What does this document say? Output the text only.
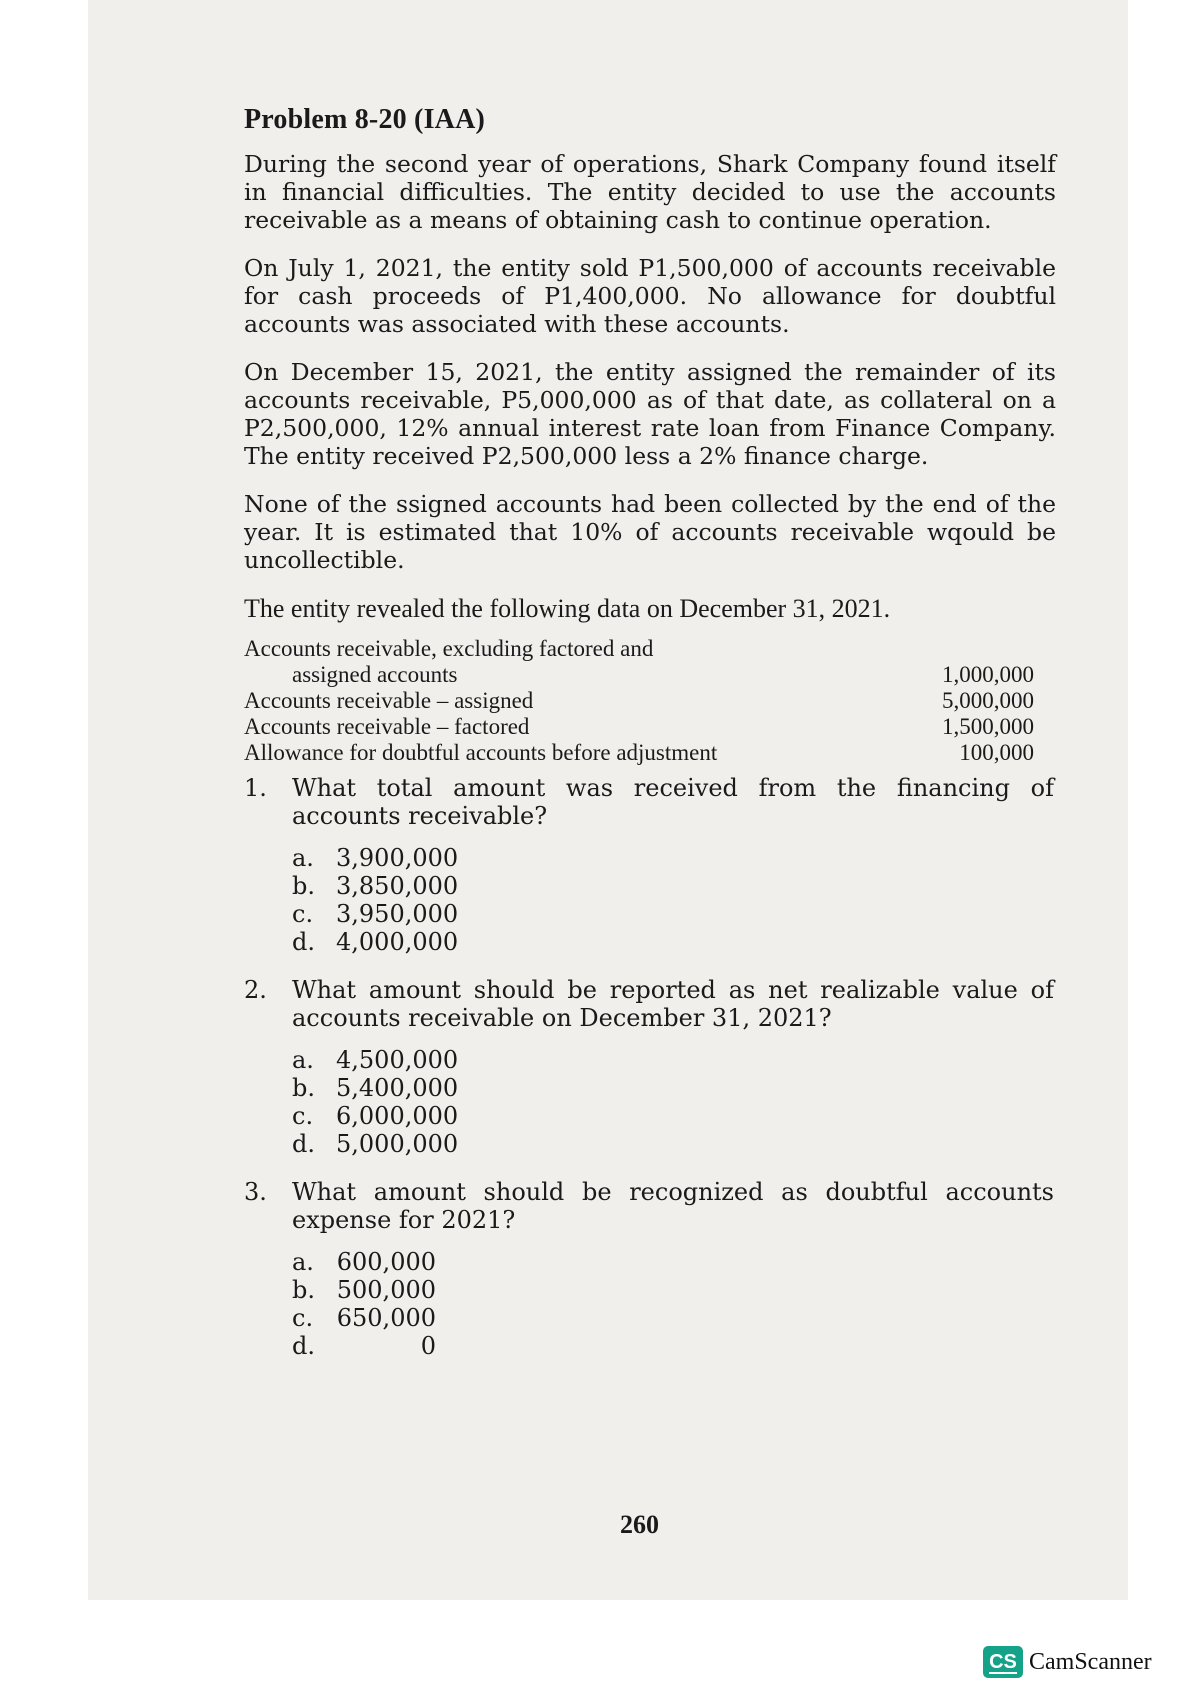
Problem 8-20 (IAA)

During the second year of operations, Shark Company found itself in financial difficulties. The entity decided to use the accounts receivable as a means of obtaining cash to continue operation.

On July 1, 2021, the entity sold P1,500,000 of accounts receivable for cash proceeds of P1,400,000. No allowance for doubtful accounts was associated with these accounts.

On December 15, 2021, the entity assigned the remainder of its accounts receivable, P5,000,000 as of that date, as collateral on a P2,500,000, 12% annual interest rate loan from Finance Company. The entity received P2,500,000 less a 2% finance charge.

None of the ssigned accounts had been collected by the end of the year. It is estimated that 10% of accounts receivable wqould be uncollectible.

The entity revealed the following data on December 31, 2021.

Accounts receivable, excluding factored and	
assigned accounts	1,000,000
Accounts receivable – assigned	5,000,000
Accounts receivable – factored	1,500,000
Allowance for doubtful accounts before adjustment	100,000
1.	What total amount was received from the financing of accounts receivable?
a. 3,900,000
b. 3,850,000
c. 3,950,000
d. 4,000,000
2.	What amount should be reported as net realizable value of accounts receivable on December 31, 2021?
a. 4,500,000
b. 5,400,000
c. 6,000,000
d. 5,000,000
3.	What amount should be recognized as doubtful accounts expense for 2021?
a. 600,000
b. 500,000
c. 650,000
d.	0
260
CS CamScanner
